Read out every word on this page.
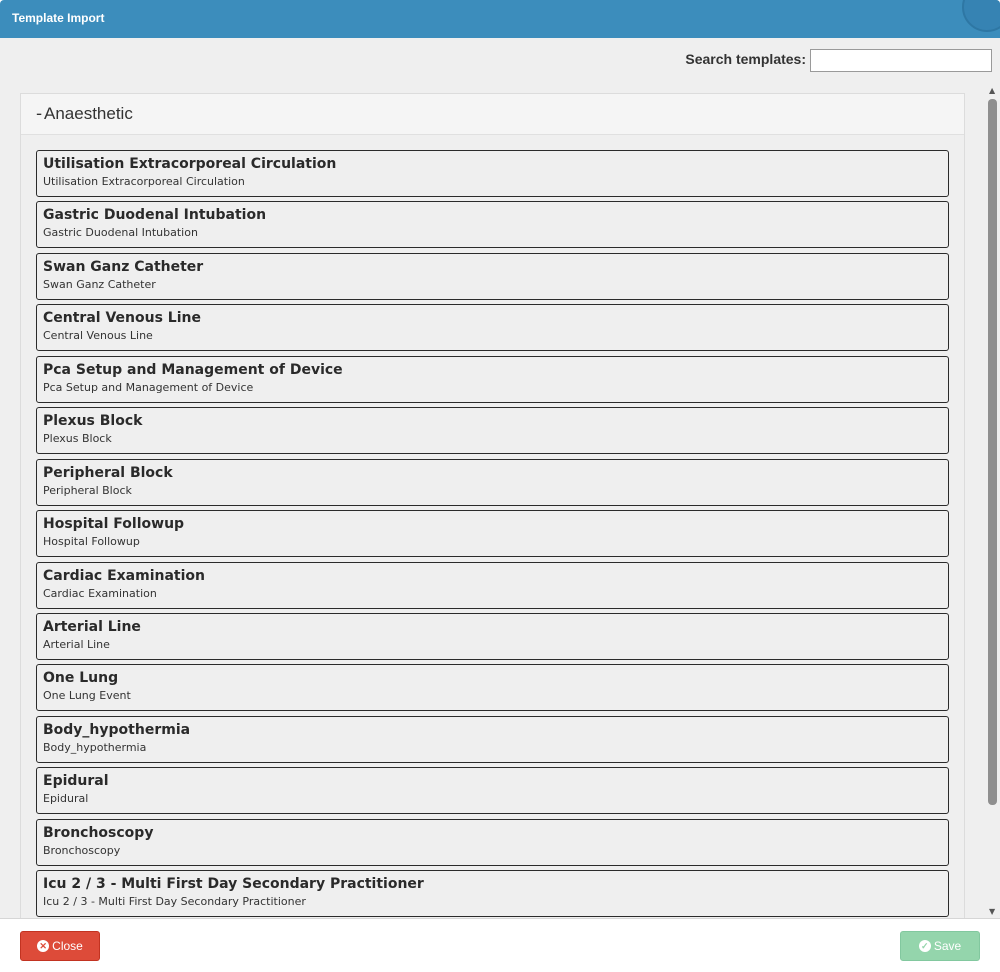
Template Import
Search templates:
- Anaesthetic
Utilisation Extracorporeal Circulation
Utilisation Extracorporeal Circulation
Gastric Duodenal Intubation
Gastric Duodenal Intubation
Swan Ganz Catheter
Swan Ganz Catheter
Central Venous Line
Central Venous Line
Pca Setup and Management of Device
Pca Setup and Management of Device
Plexus Block
Plexus Block
Peripheral Block
Peripheral Block
Hospital Followup
Hospital Followup
Cardiac Examination
Cardiac Examination
Arterial Line
Arterial Line
One Lung
One Lung Event
Body_hypothermia
Body_hypothermia
Epidural
Epidural
Bronchoscopy
Bronchoscopy
Icu 2 / 3 - Multi First Day Secondary Practitioner
Icu 2 / 3 - Multi First Day Secondary Practitioner
▲
▼
✕ Close	✓ Save
